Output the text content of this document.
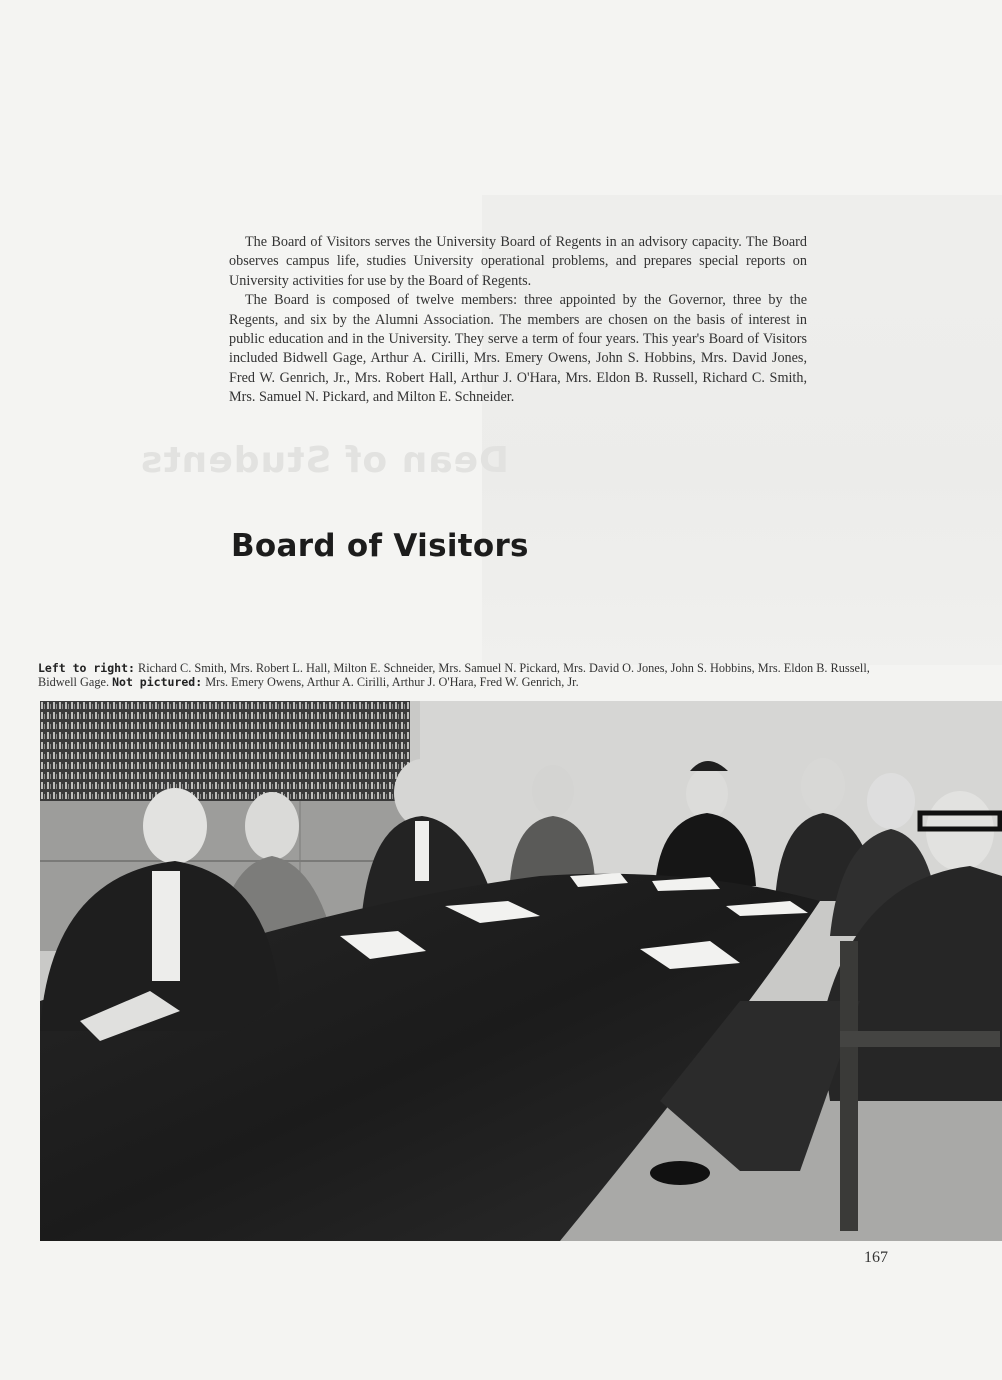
Dean of Students

The Board of Visitors serves the University Board of Regents in an advisory capacity. The Board observes campus life, studies University operational problems, and prepares special reports on University activities for use by the Board of Regents.

The Board is composed of twelve members: three appointed by the Governor, three by the Regents, and six by the Alumni Association. The members are chosen on the basis of interest in public education and in the University. They serve a term of four years. This year's Board of Visitors included Bidwell Gage, Arthur A. Cirilli, Mrs. Emery Owens, John S. Hobbins, Mrs. David Jones, Fred W. Genrich, Jr., Mrs. Robert Hall, Arthur J. O'Hara, Mrs. Eldon B. Russell, Richard C. Smith, Mrs. Samuel N. Pickard, and Milton E. Schneider.

Board of Visitors
Left to right: Richard C. Smith, Mrs. Robert L. Hall, Milton E. Schneider, Mrs. Samuel N. Pickard, Mrs. David O. Jones, John S. Hobbins, Mrs. Eldon B. Russell, Bidwell Gage. Not pictured: Mrs. Emery Owens, Arthur A. Cirilli, Arthur J. O'Hara, Fred W. Genrich, Jr.
167
